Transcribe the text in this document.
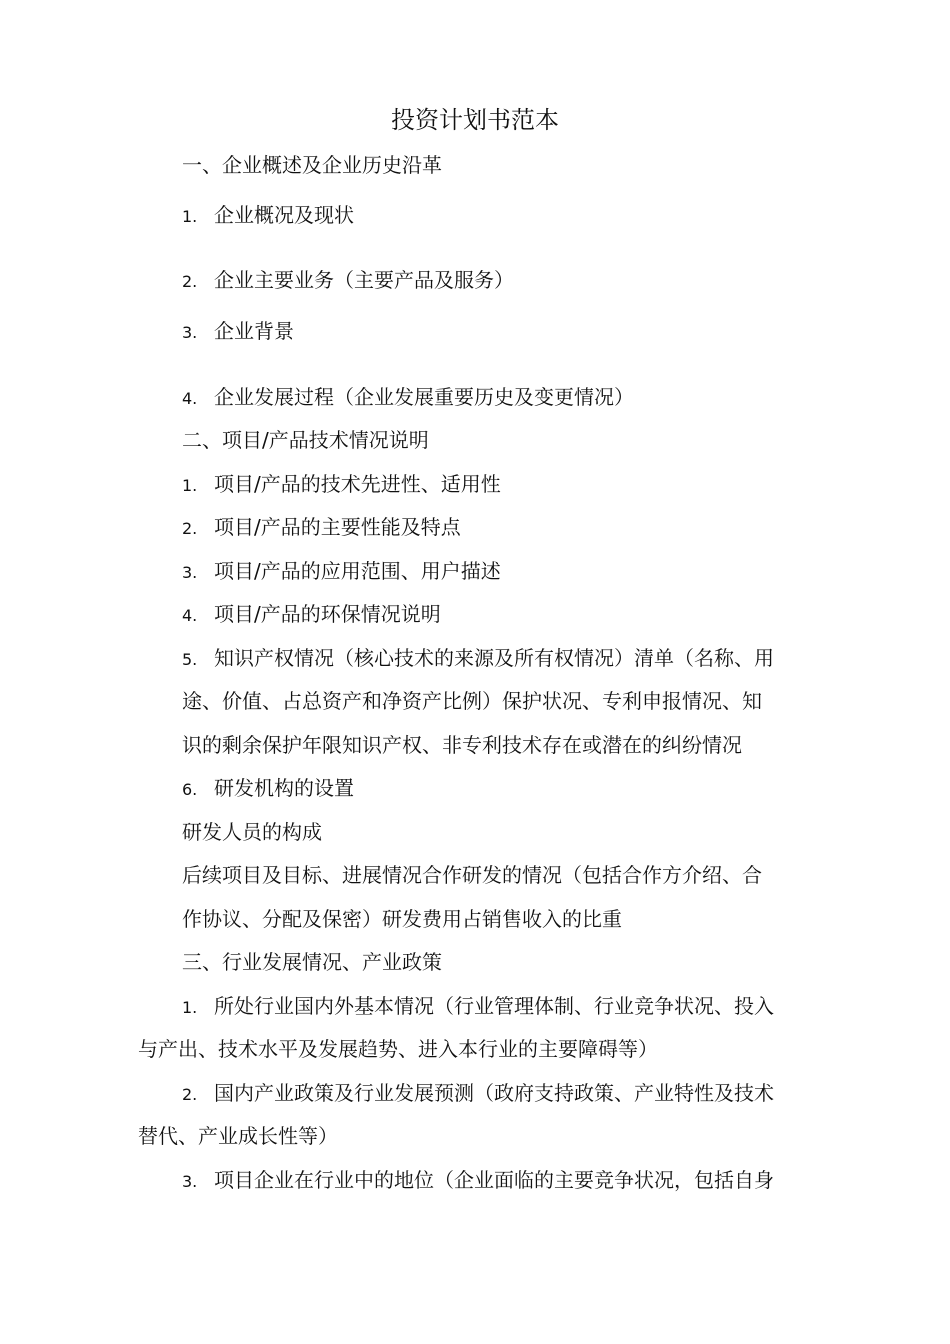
投资计划书范本

一、企业概述及企业历史沿革

1. 企业概况及现状

2. 企业主要业务（主要产品及服务）

3. 企业背景

4. 企业发展过程（企业发展重要历史及变更情况）

二、项目/产品技术情况说明

1. 项目/产品的技术先进性、适用性

2. 项目/产品的主要性能及特点

3. 项目/产品的应用范围、用户描述

4. 项目/产品的环保情况说明

5. 知识产权情况（核心技术的来源及所有权情况）清单（名称、用

途、价值、占总资产和净资产比例）保护状况、专利申报情况、知

识的剩余保护年限知识产权、非专利技术存在或潜在的纠纷情况

6. 研发机构的设置

研发人员的构成

后续项目及目标、进展情况合作研发的情况（包括合作方介绍、合

作协议、分配及保密）研发费用占销售收入的比重

三、行业发展情况、产业政策

1. 所处行业国内外基本情况（行业管理体制、行业竞争状况、投入

与产出、技术水平及发展趋势、进入本行业的主要障碍等）

2. 国内产业政策及行业发展预测（政府支持政策、产业特性及技术

替代、产业成长性等）

3. 项目企业在行业中的地位（企业面临的主要竞争状况，包括自身
